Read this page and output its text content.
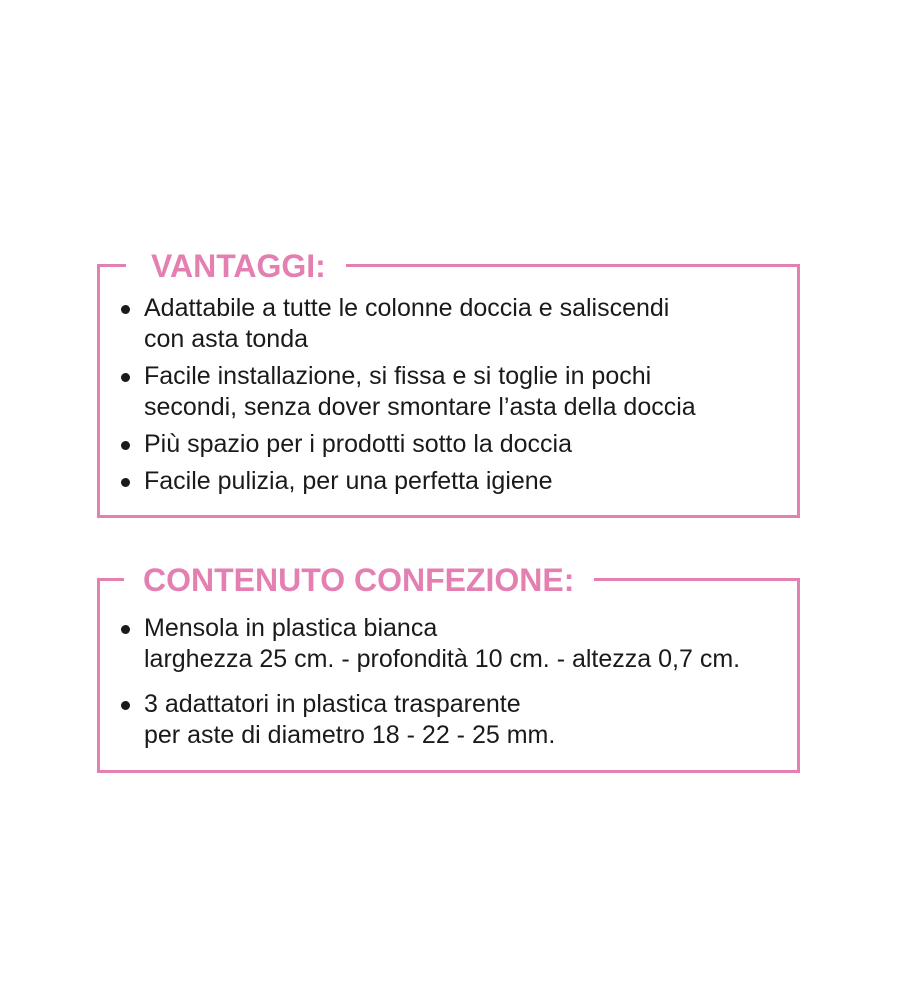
VANTAGGI:
Adattabile a tutte le colonne doccia e saliscendi
con asta tonda
Facile installazione, si fissa e si toglie in pochi
secondi, senza dover smontare l’asta della doccia
Più spazio per i prodotti sotto la doccia
Facile pulizia, per una perfetta igiene
CONTENUTO CONFEZIONE:
Mensola in plastica bianca
larghezza 25 cm. - profondità 10 cm. - altezza 0,7 cm.
3 adattatori in plastica trasparente
per aste di diametro 18 - 22 - 25 mm.
